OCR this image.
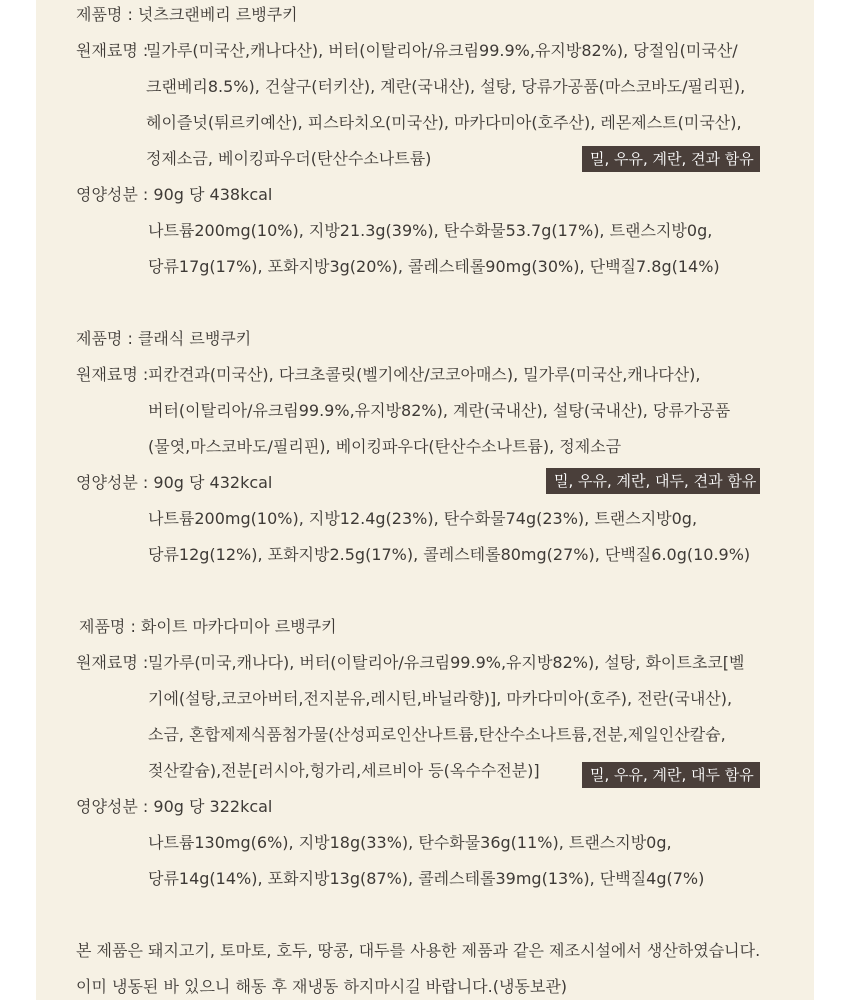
제품명 : 넛츠크랜베리 르뱅쿠키
원재료명 :
밀가루(미국산,캐나다산), 버터(이탈리아/유크림99.9%,유지방82%), 당절임(미국산/
크랜베리8.5%), 건살구(터키산), 계란(국내산), 설탕, 당류가공품(마스코바도/필리핀),
헤이즐넛(튀르키예산), 피스타치오(미국산), 마카다미아(호주산), 레몬제스트(미국산),
정제소금, 베이킹파우더(탄산수소나트륨)	밀, 우유, 계란, 견과 함유
영양성분 : 90g 당 438kcal
나트륨200mg(10%), 지방21.3g(39%), 탄수화물53.7g(17%), 트랜스지방0g,
당류17g(17%), 포화지방3g(20%), 콜레스테롤90mg(30%), 단백질7.8g(14%)
제품명 : 클래식 르뱅쿠키
원재료명 : 피칸견과(미국산), 다크초콜릿(벨기에산/코코아매스), 밀가루(미국산,캐나다산),
버터(이탈리아/유크림99.9%,유지방82%), 계란(국내산), 설탕(국내산), 당류가공품
(물엿,마스코바도/필리핀), 베이킹파우다(탄산수소나트륨), 정제소금
영양성분 : 90g 당 432kcal	밀, 우유, 계란, 대두, 견과 함유
나트륨200mg(10%), 지방12.4g(23%), 탄수화물74g(23%), 트랜스지방0g,
당류12g(12%), 포화지방2.5g(17%), 콜레스테롤80mg(27%), 단백질6.0g(10.9%)
제품명 : 화이트 마카다미아 르뱅쿠키
원재료명 : 밀가루(미국,캐나다), 버터(이탈리아/유크림99.9%,유지방82%), 설탕, 화이트초코[벨
기에(설탕,코코아버터,전지분유,레시틴,바닐라향)], 마카다미아(호주), 전란(국내산),
소금, 혼합제제식품첨가물(산성피로인산나트륨,탄산수소나트륨,전분,제일인산칼슘,
젖산칼슘),전분[러시아,헝가리,세르비아 등(옥수수전분)]	밀, 우유, 계란, 대두 함유
영양성분 : 90g 당 322kcal
나트륨130mg(6%), 지방18g(33%), 탄수화물36g(11%), 트랜스지방0g,
당류14g(14%), 포화지방13g(87%), 콜레스테롤39mg(13%), 단백질4g(7%)
본 제품은 돼지고기, 토마토, 호두, 땅콩, 대두를 사용한 제품과 같은 제조시설에서 생산하였습니다.
이미 냉동된 바 있으니 해동 후 재냉동 하지마시길 바랍니다.(냉동보관)
